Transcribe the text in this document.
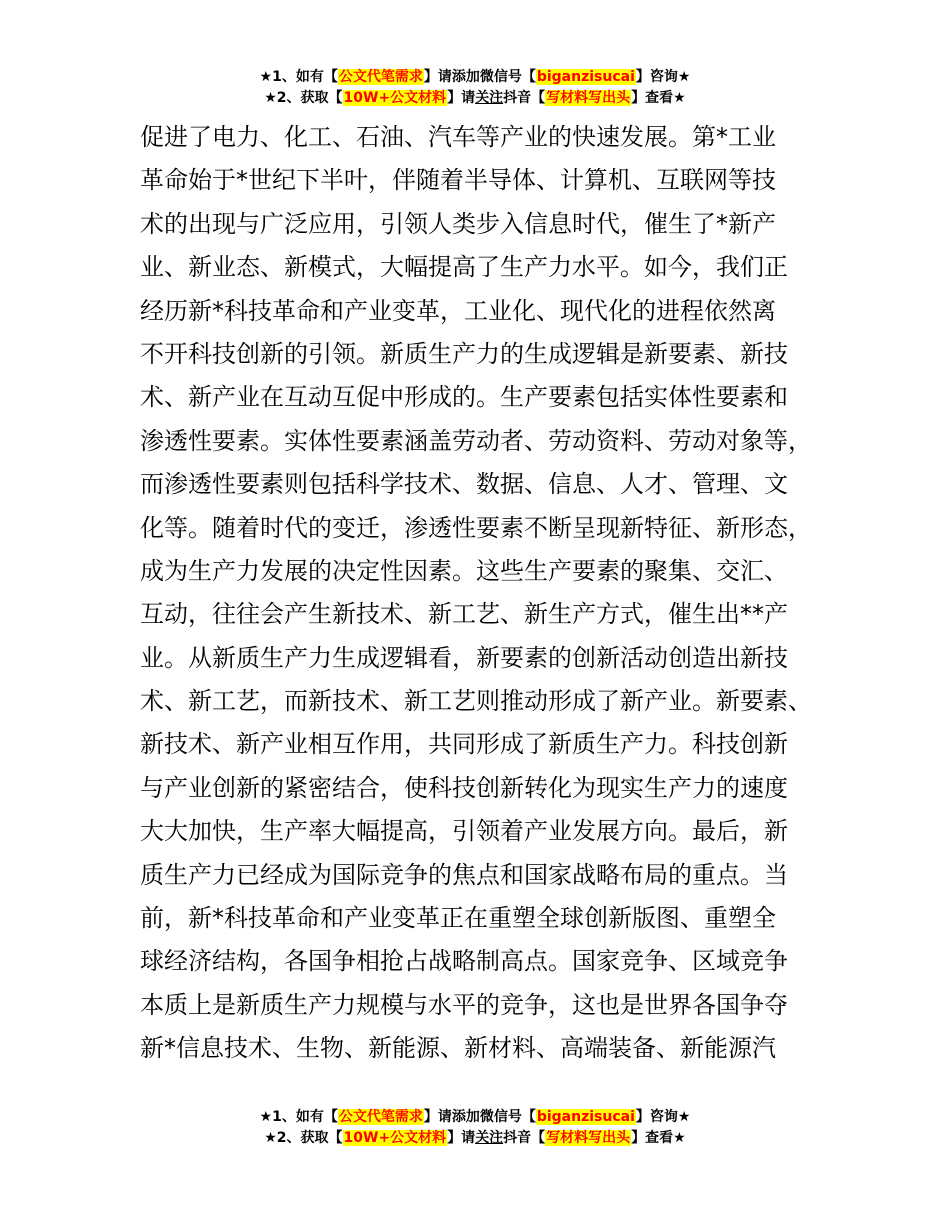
★1、如有【公文代笔需求】请添加微信号【biganzisucai】咨询★
★2、获取【10W+公文材料】请关注抖音【写材料写出头】查看★
促进了电力、化工、石油、汽车等产业的快速发展。第*工业
革命始于*世纪下半叶，伴随着半导体、计算机、互联网等技
术的出现与广泛应用，引领人类步入信息时代，催生了*新产
业、新业态、新模式，大幅提高了生产力水平。如今，我们正
经历新*科技革命和产业变革，工业化、现代化的进程依然离
不开科技创新的引领。新质生产力的生成逻辑是新要素、新技
术、新产业在互动互促中形成的。生产要素包括实体性要素和
渗透性要素。实体性要素涵盖劳动者、劳动资料、劳动对象等，
而渗透性要素则包括科学技术、数据、信息、人才、管理、文
化等。随着时代的变迁，渗透性要素不断呈现新特征、新形态，
成为生产力发展的决定性因素。这些生产要素的聚集、交汇、
互动，往往会产生新技术、新工艺、新生产方式，催生出**产
业。从新质生产力生成逻辑看，新要素的创新活动创造出新技
术、新工艺，而新技术、新工艺则推动形成了新产业。新要素、
新技术、新产业相互作用，共同形成了新质生产力。科技创新
与产业创新的紧密结合，使科技创新转化为现实生产力的速度
大大加快，生产率大幅提高，引领着产业发展方向。最后，新
质生产力已经成为国际竞争的焦点和国家战略布局的重点。当
前，新*科技革命和产业变革正在重塑全球创新版图、重塑全
球经济结构，各国争相抢占战略制高点。国家竞争、区域竞争
本质上是新质生产力规模与水平的竞争，这也是世界各国争夺
新*信息技术、生物、新能源、新材料、高端装备、新能源汽
★1、如有【公文代笔需求】请添加微信号【biganzisucai】咨询★
★2、获取【10W+公文材料】请关注抖音【写材料写出头】查看★
